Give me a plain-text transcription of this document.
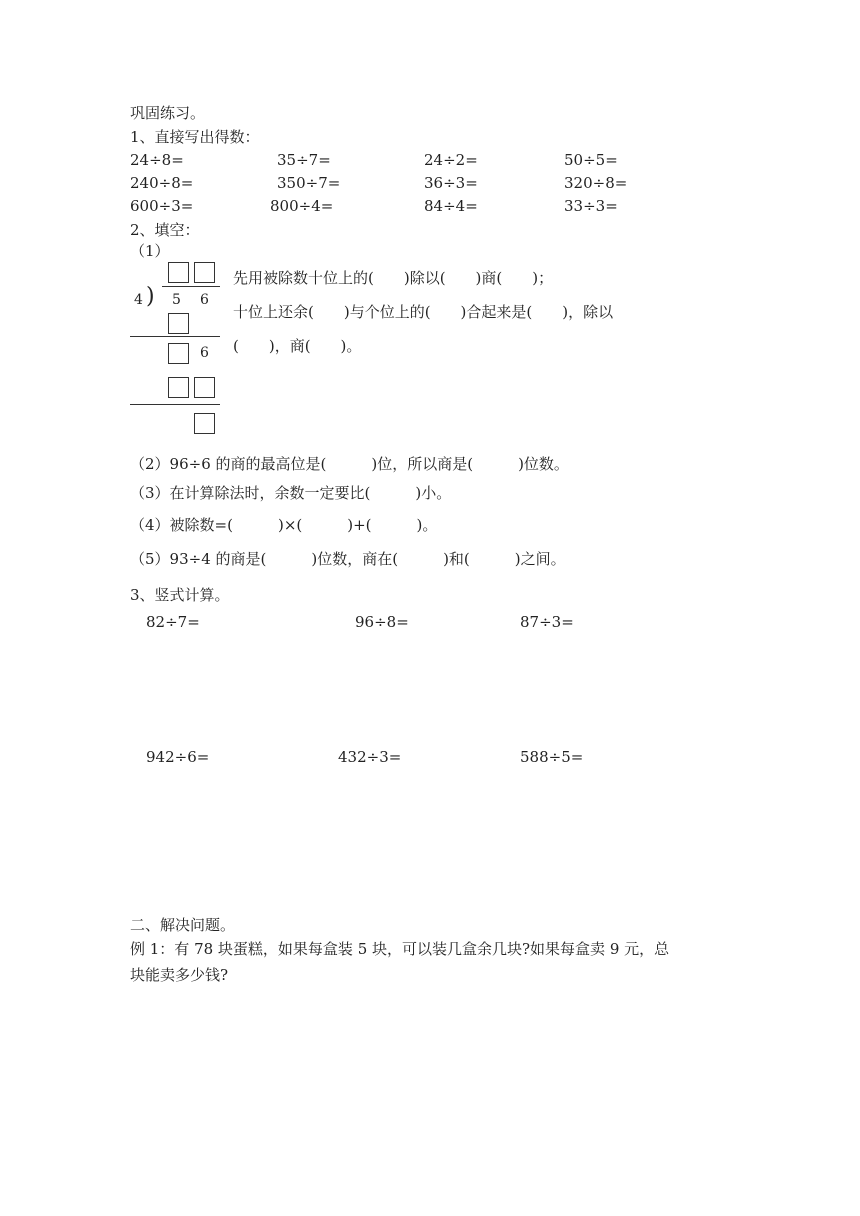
巩固练习。
1、直接写出得数：
24÷8=	35÷7=	24÷2=	50÷5=
240÷8=	350÷7=	36÷3=	320÷8=
600÷3=	800÷4=	84÷4=	33÷3=
2、填空：
（1）
4 ) 5 6
6
先用被除数十位上的(　　)除以(　　)商(　　)；
十位上还余(　　)与个位上的(　　)合起来是(　　)，除以
(　　)，商(　　)。
（2）96÷6 的商的最高位是(　　　)位，所以商是(　　　)位数。
（3）在计算除法时，余数一定要比(　　　)小。
（4）被除数=(　　　)×(　　　)+(　　　)。
（5）93÷4 的商是(　　　)位数，商在(　　　)和(　　　)之间。
3、竖式计算。
82÷7=	96÷8=	87÷3=
942÷6=	432÷3=	588÷5=
二、解决问题。
例 1：有 78 块蛋糕，如果每盒装 5 块，可以装几盒余几块?如果每盒卖 9 元，总
块能卖多少钱?
